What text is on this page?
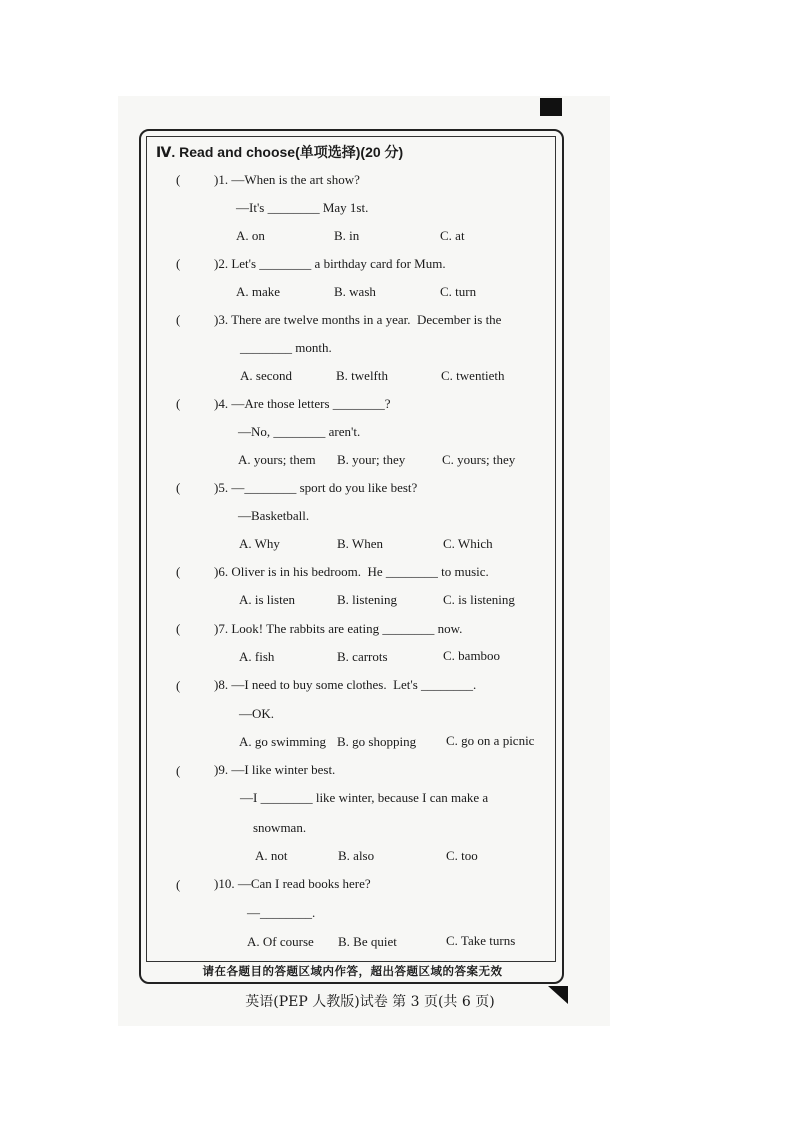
Ⅳ. Read and choose(单项选择)(20 分)
(	)1. —When is the art show?
—It's ________ May 1st.
A. on	B. in	C. at
(	)2. Let's ________ a birthday card for Mum.
A. make	B. wash	C. turn
(	)3. There are twelve months in a year.  December is the
________ month.
A. second	B. twelfth	C. twentieth
(	)4. —Are those letters ________?
—No, ________ aren't.
A. yours; them B. your; they	C. yours; they
(	)5. —________ sport do you like best?
—Basketball.
A. Why	B. When	C. Which
(	)6. Oliver is in his bedroom.  He ________ to music.
A. is listen	B. listening	C. is listening
(	)7. Look! The rabbits are eating ________ now.
A. fish	B. carrots	C. bamboo
(	)8. —I need to buy some clothes.  Let's ________.
—OK.
A. go swimming B. go shopping C. go on a picnic
(	)9. —I like winter best.
—I ________ like winter, because I can make a
snowman.
A. not	B. also	C. too
(	)10. —Can I read books here?
—________.
A. Of course B. Be quiet	C. Take turns
请在各题目的答题区域内作答，超出答题区域的答案无效
英语(PEP 人教版)试卷 第 3 页(共 6 页)
